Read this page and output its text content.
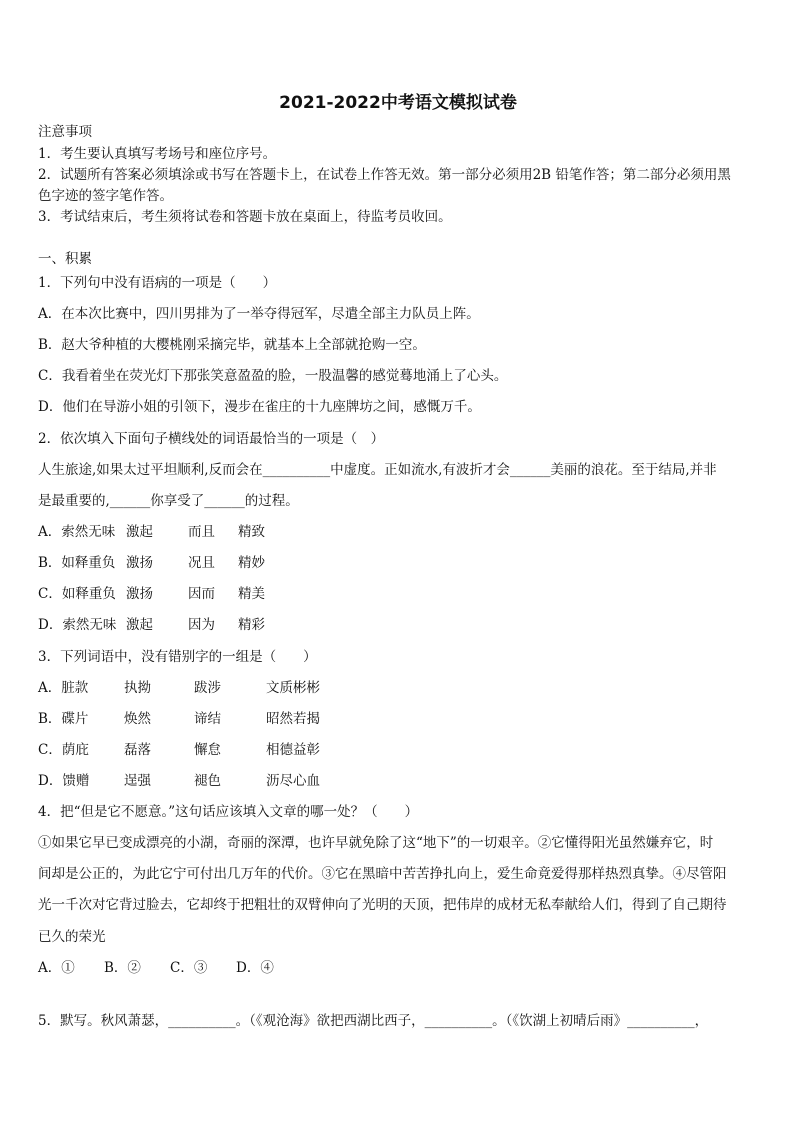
2021-2022中考语文模拟试卷
注意事项
1．考生要认真填写考场号和座位序号。
2．试题所有答案必须填涂或书写在答题卡上，在试卷上作答无效。第一部分必须用2B 铅笔作答；第二部分必须用黑
色字迹的签字笔作答。
3．考试结束后，考生须将试卷和答题卡放在桌面上，待监考员收回。
一、积累
1．下列句中没有语病的一项是（　　）
A．在本次比赛中，四川男排为了一举夺得冠军，尽遣全部主力队员上阵。
B．赵大爷种植的大樱桃刚采摘完毕，就基本上全部就抢购一空。
C．我看着坐在荧光灯下那张笑意盈盈的脸，一股温馨的感觉蓦地涌上了心头。
D．他们在导游小姐的引领下，漫步在雀庄的十九座牌坊之间，感慨万千。
2．依次填入下面句子横线处的词语最恰当的一项是（　）
人生旅途,如果太过平坦顺利,反而会在__________中虚度。正如流水,有波折才会______美丽的浪花。至于结局,并非
是最重要的,______你享受了______的过程。
A．索然无味 激起	而且 精致
B．如释重负 激扬	况且 精妙
C．如释重负 激扬	因而 精美
D．索然无味 激起	因为 精彩
3．下列词语中，没有错别字的一组是（　　）
A．脏款	执拗	跋涉	文质彬彬
B．碟片	焕然	谛结	昭然若揭
C．荫庇	磊落	懈怠	相德益彰
D．馈赠	逞强	褪色	沥尽心血
4．把“但是它不愿意。”这句话应该填入文章的哪一处？（　　）
①如果它早已变成漂亮的小湖，奇丽的深潭，也许早就免除了这“地下”的一切艰辛。②它懂得阳光虽然嫌弃它，时
间却是公正的，为此它宁可付出几万年的代价。③它在黑暗中苦苦挣扎向上，爱生命竟爱得那样热烈真挚。④尽管阳
光一千次对它背过脸去，它却终于把粗壮的双臂伸向了光明的天顶，把伟岸的成材无私奉献给人们，得到了自己期待
已久的荣光
A．① B．② C．③ D．④
5．默写。秋风萧瑟，__________。（《观沧海》欲把西湖比西子，__________。（《饮湖上初晴后雨》__________，
